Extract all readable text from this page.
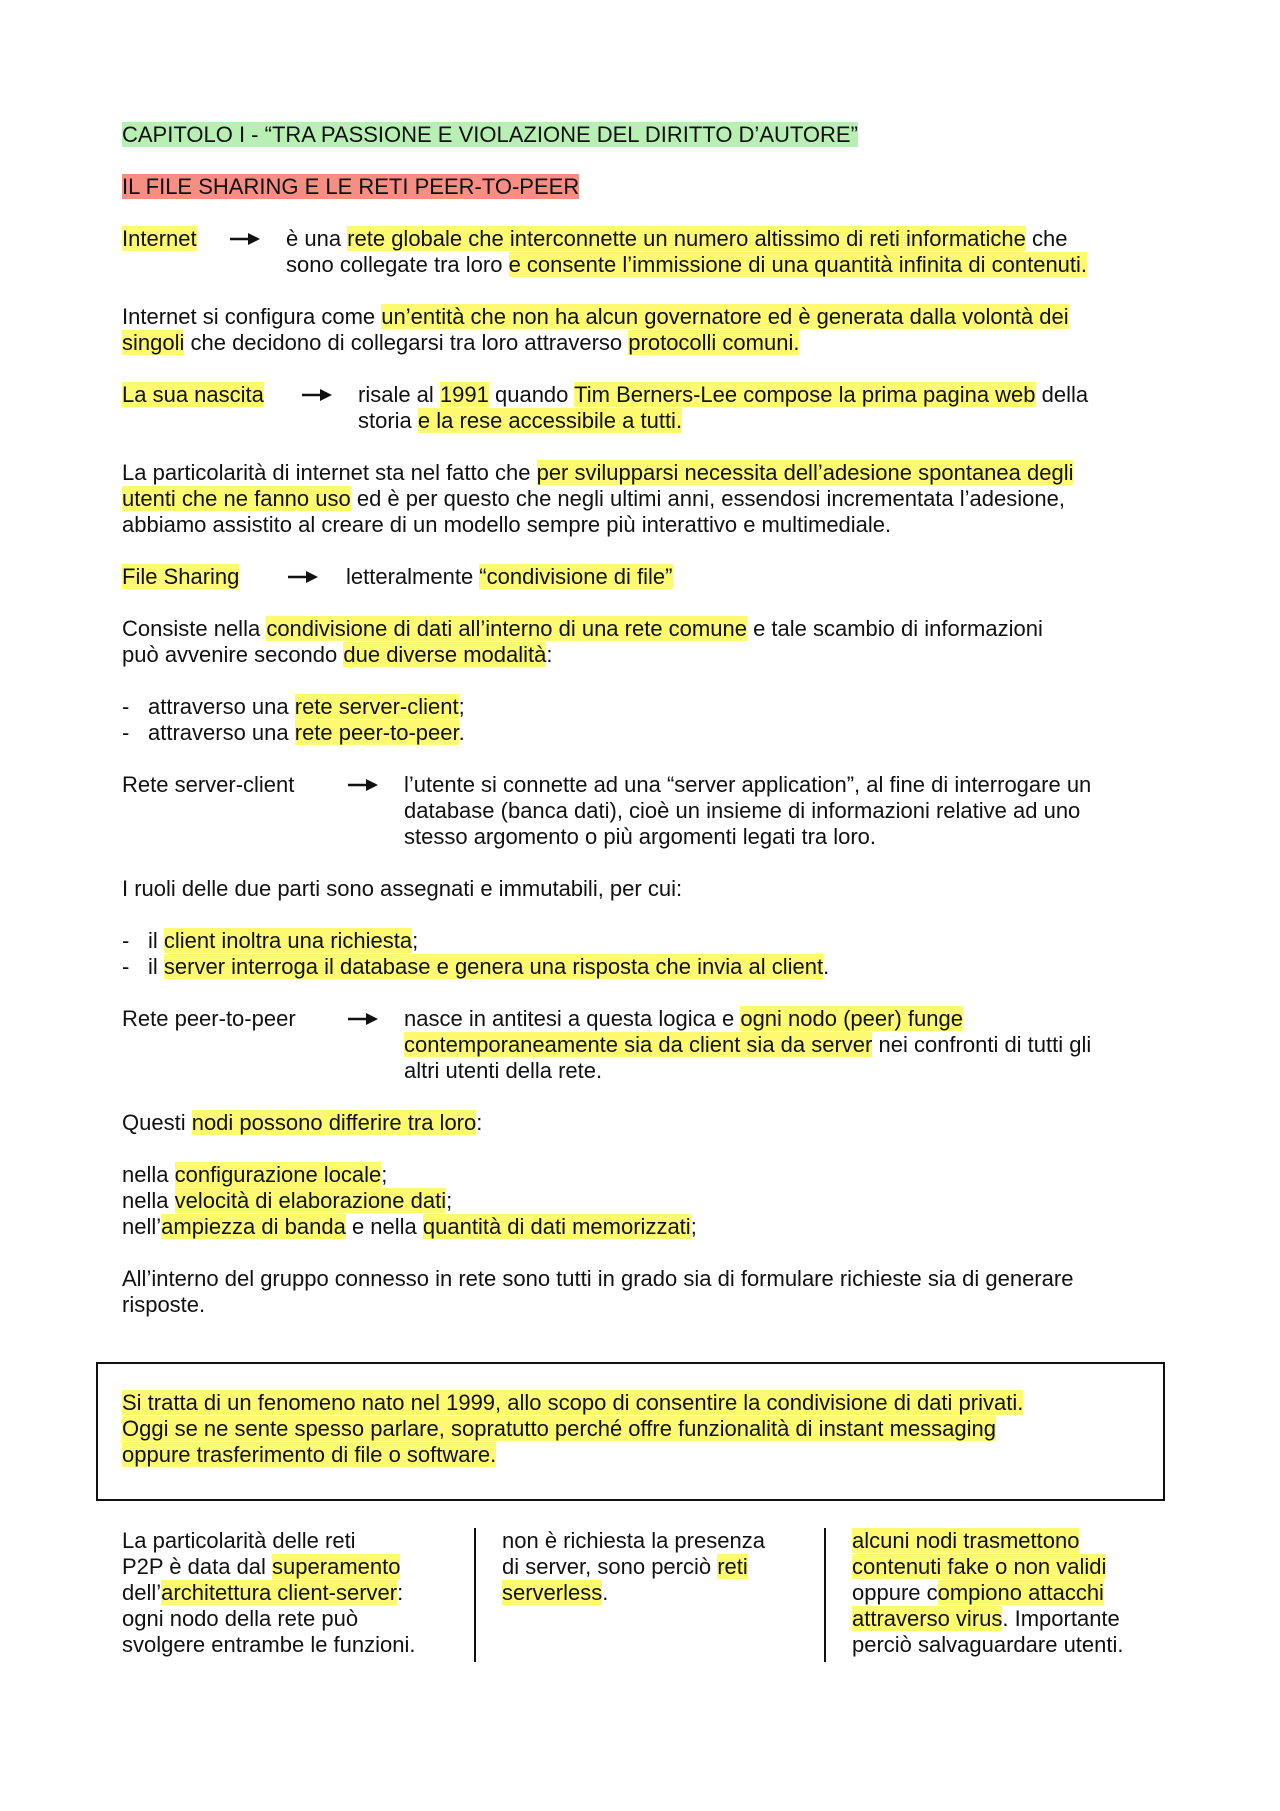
CAPITOLO I - “TRA PASSIONE E VIOLAZIONE DEL DIRITTO D’AUTORE”

IL FILE SHARING E LE RETI PEER-TO-PEER

Internet	è una rete globale che interconnette un numero altissimo di reti informatiche che
sono collegate tra loro e consente l’immissione di una quantità infinita di contenuti.
Internet si configura come un’entità che non ha alcun governatore ed è generata dalla volontà dei
singoli che decidono di collegarsi tra loro attraverso protocolli comuni.

La sua nascita	risale al 1991 quando Tim Berners-Lee compose la prima pagina web della
storia e la rese accessibile a tutti.
La particolarità di internet sta nel fatto che per svilupparsi necessita dell’adesione spontanea degli
utenti che ne fanno uso ed è per questo che negli ultimi anni, essendosi incrementata l’adesione,
abbiamo assistito al creare di un modello sempre più interattivo e multimediale.

File Sharing	letteralmente “condivisione di file”
Consiste nella condivisione di dati all’interno di una rete comune e tale scambio di informazioni
può avvenire secondo due diverse modalità:
- attraverso una rete server-client;
- attraverso una rete peer-to-peer.

Rete server-client	l’utente si connette ad una “server application”, al fine di interrogare un
database (banca dati), cioè un insieme di informazioni relative ad uno
stesso argomento o più argomenti legati tra loro.

I ruoli delle due parti sono assegnati e immutabili, per cui:

- il client inoltra una richiesta;
- il server interroga il database e genera una risposta che invia al client.

Rete peer-to-peer	nasce in antitesi a questa logica e ogni nodo (peer) funge
contemporaneamente sia da client sia da server nei confronti di tutti gli
altri utenti della rete.

Questi nodi possono differire tra loro:

nella configurazione locale;
nella velocità di elaborazione dati;
nell’ampiezza di banda e nella quantità di dati memorizzati;
All’interno del gruppo connesso in rete sono tutti in grado sia di formulare richieste sia di generare
risposte.
Si tratta di un fenomeno nato nel 1999, allo scopo di consentire la condivisione di dati privati.
Oggi se ne sente spesso parlare, sopratutto perché offre funzionalità di instant messaging
oppure trasferimento di file o software.
La particolarità delle reti
P2P è data dal superamento
dell’architettura client-server:
ogni nodo della rete può
svolgere entrambe le funzioni.
non è richiesta la presenza
di server, sono perciò reti
serverless.
alcuni nodi trasmettono
contenuti fake o non validi
oppure compiono attacchi
attraverso virus. Importante
perciò salvaguardare utenti.
